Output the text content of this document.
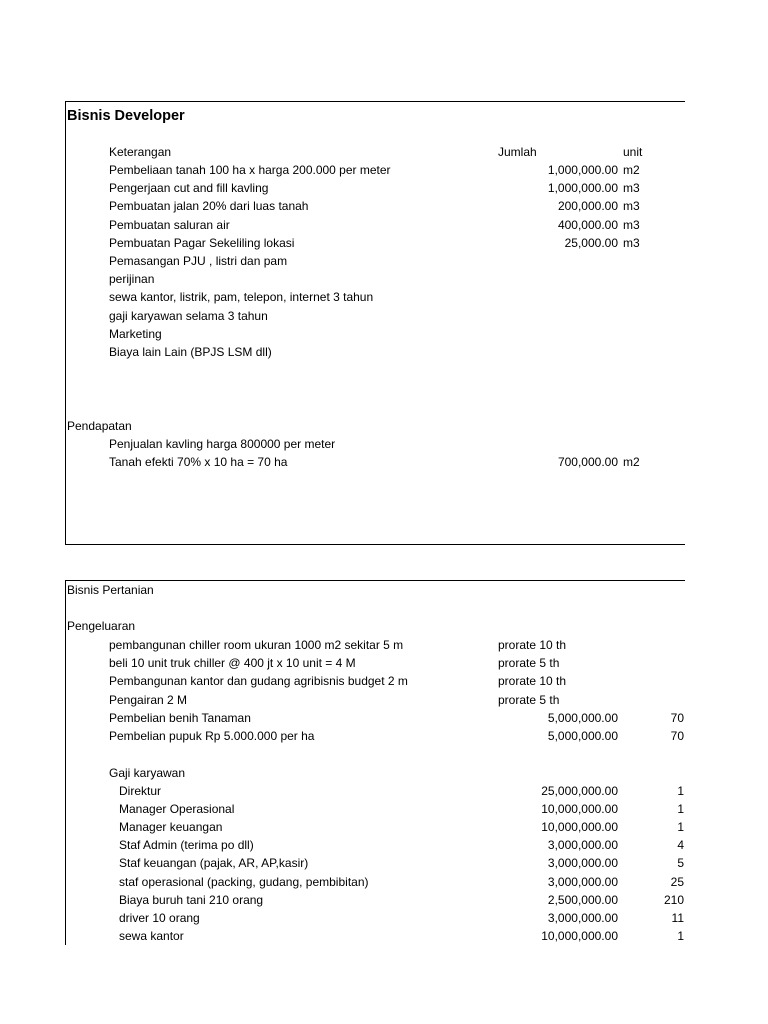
Bisnis Developer
Keterangan	Jumlah	unit
Pembeliaan tanah 100 ha x harga 200.000 per meter	1,000,000.00 m2
Pengerjaan cut and fill kavling	1,000,000.00 m3
Pembuatan jalan 20% dari luas tanah	200,000.00 m3
Pembuatan saluran air	400,000.00 m3
Pembuatan Pagar Sekeliling lokasi	25,000.00 m3
Pemasangan PJU , listri dan pam
perijinan
sewa kantor, listrik, pam, telepon, internet 3 tahun
gaji karyawan selama 3 tahun
Marketing
Biaya lain Lain (BPJS LSM dll)
Pendapatan
Penjualan kavling harga 800000 per meter
Tanah efekti 70% x 10 ha = 70 ha	700,000.00 m2
Bisnis Pertanian
Pengeluaran
pembangunan chiller room ukuran 1000 m2 sekitar 5 m	prorate 10 th
beli 10 unit truk chiller @ 400 jt x 10 unit = 4 M	prorate 5 th
Pembangunan kantor dan gudang agribisnis budget 2 m	prorate 10 th
Pengairan 2 M	prorate 5 th
Pembelian benih Tanaman	5,000,000.00	70
Pembelian pupuk Rp 5.000.000 per ha	5,000,000.00	70
Gaji karyawan
Direktur	25,000,000.00	1
Manager Operasional	10,000,000.00	1
Manager keuangan	10,000,000.00	1
Staf Admin (terima po dll)	3,000,000.00	4
Staf keuangan (pajak, AR, AP,kasir)	3,000,000.00	5
staf operasional (packing, gudang, pembibitan)	3,000,000.00	25
Biaya buruh tani 210 orang	2,500,000.00	210
driver 10 orang	3,000,000.00	11
sewa kantor	10,000,000.00	1
